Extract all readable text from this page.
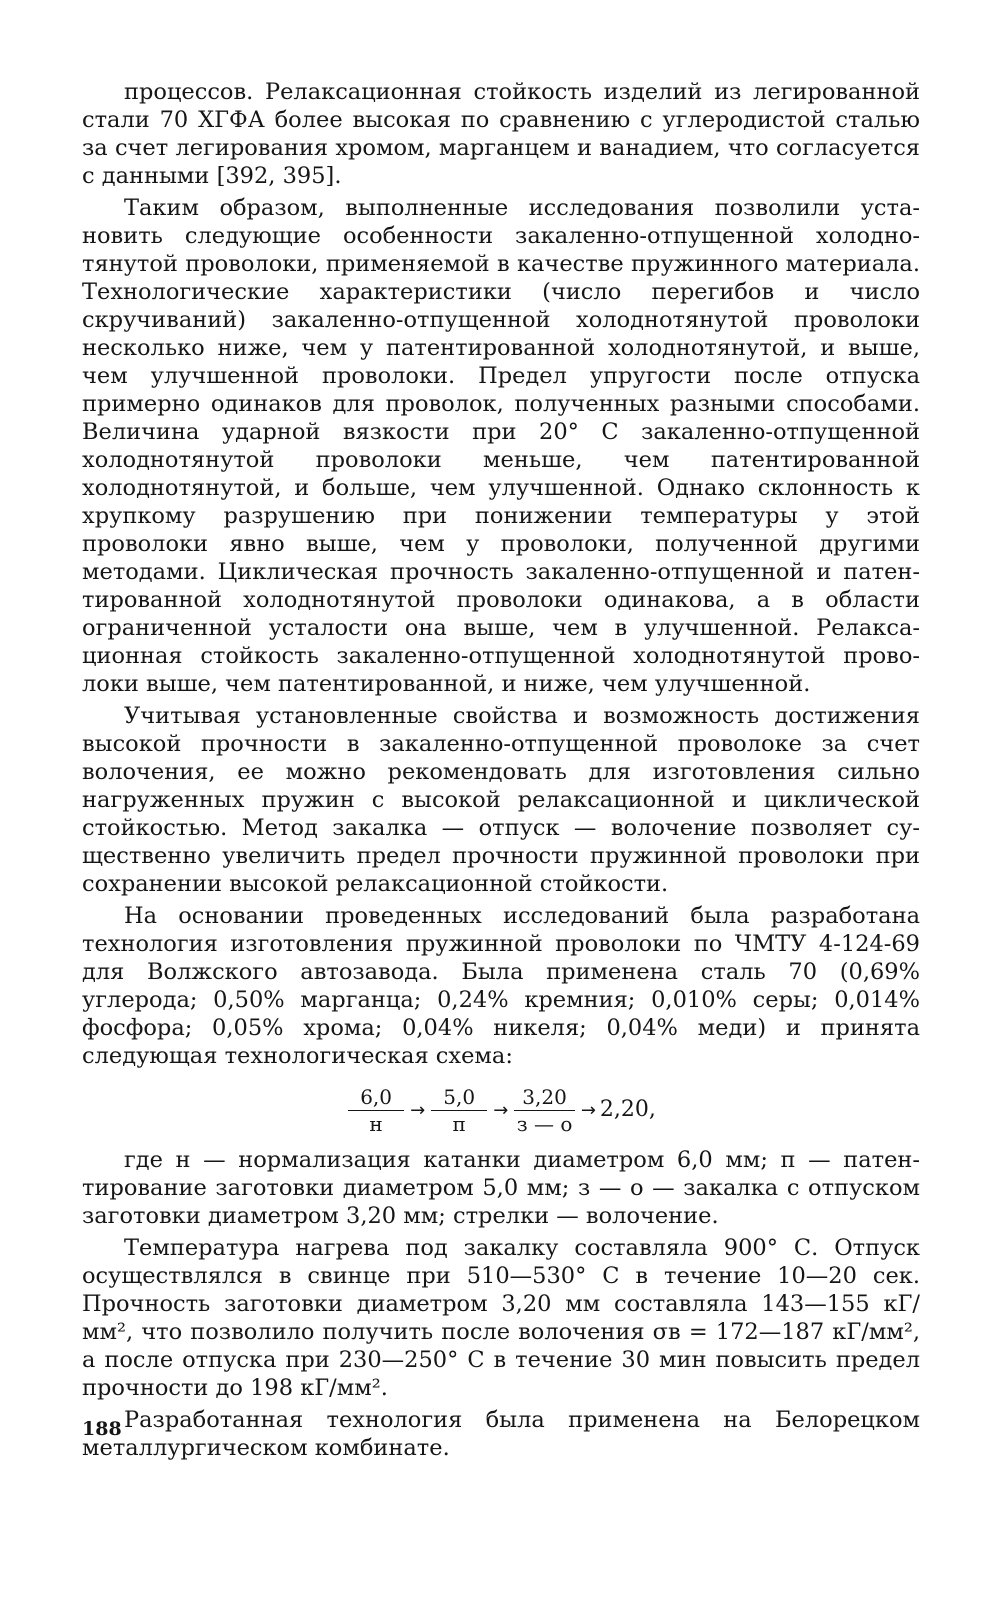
процессов. Релаксационная стойкость изделий из легированной стали 70 ХГФА более высокая по сравнению с углеродистой сталью за счет легирования хромом, марганцем и ванадием, что согласуется с данными [392, 395].

Таким образом, выполненные исследования позволили установить следующие особенности закаленно-отпущенной холоднотянутой проволоки, применяемой в качестве пружинного материала. Технологические характеристики (число перегибов и число скручиваний) закаленно-отпущенной холоднотянутой проволоки несколько ниже, чем у патентированной холоднотянутой, и выше, чем улучшенной проволоки. Предел упругости после отпуска примерно одинаков для проволок, полученных разными способами. Величина ударной вязкости при 20° С закаленно-отпущенной холоднотянутой проволоки меньше, чем патентированной холоднотянутой, и больше, чем улучшенной. Однако склонность к хрупкому разрушению при понижении температуры у этой проволоки явно выше, чем у проволоки, полученной другими методами. Циклическая прочность закаленно-отпущенной и патентированной холоднотянутой проволоки одинакова, а в области ограниченной усталости она выше, чем в улучшенной. Релаксационная стойкость закаленно-отпущенной холоднотянутой проволоки выше, чем патентированной, и ниже, чем улучшенной.

Учитывая установленные свойства и возможность достижения высокой прочности в закаленно-отпущенной проволоке за счет волочения, ее можно рекомендовать для изготовления сильно нагруженных пружин с высокой релаксационной и циклической стойкостью. Метод закалка — отпуск — волочение позволяет существенно увеличить предел прочности пружинной проволоки при сохранении высокой релаксационной стойкости.

На основании проведенных исследований была разработана технология изготовления пружинной проволоки по ЧМТУ 4-124-69 для Волжского автозавода. Была применена сталь 70 (0,69% углерода; 0,50% марганца; 0,24% кремния; 0,010% серы; 0,014% фосфора; 0,05% хрома; 0,04% никеля; 0,04% меди) и принята следующая технологическая схема:

$\frac{6,0}{н} \to \frac{5,0}{п} \to \frac{3,20}{з — о} \to 2,20$,

где н — нормализация катанки диаметром 6,0 мм; п — патентирование заготовки диаметром 5,0 мм; з — о — закалка с отпуском заготовки диаметром 3,20 мм; стрелки — волочение.

Температура нагрева под закалку составляла 900° С. Отпуск осуществлялся в свинце при 510—530° С в течение 10—20 сек. Прочность заготовки диаметром 3,20 мм составляла 143—155 кГ/мм², что позволило получить после волочения σв = 172—187 кГ/мм², а после отпуска при 230—250° С в течение 30 мин повысить предел прочности до 198 кГ/мм².

Разработанная технология была применена на Белорецком металлургическом комбинате.

188
